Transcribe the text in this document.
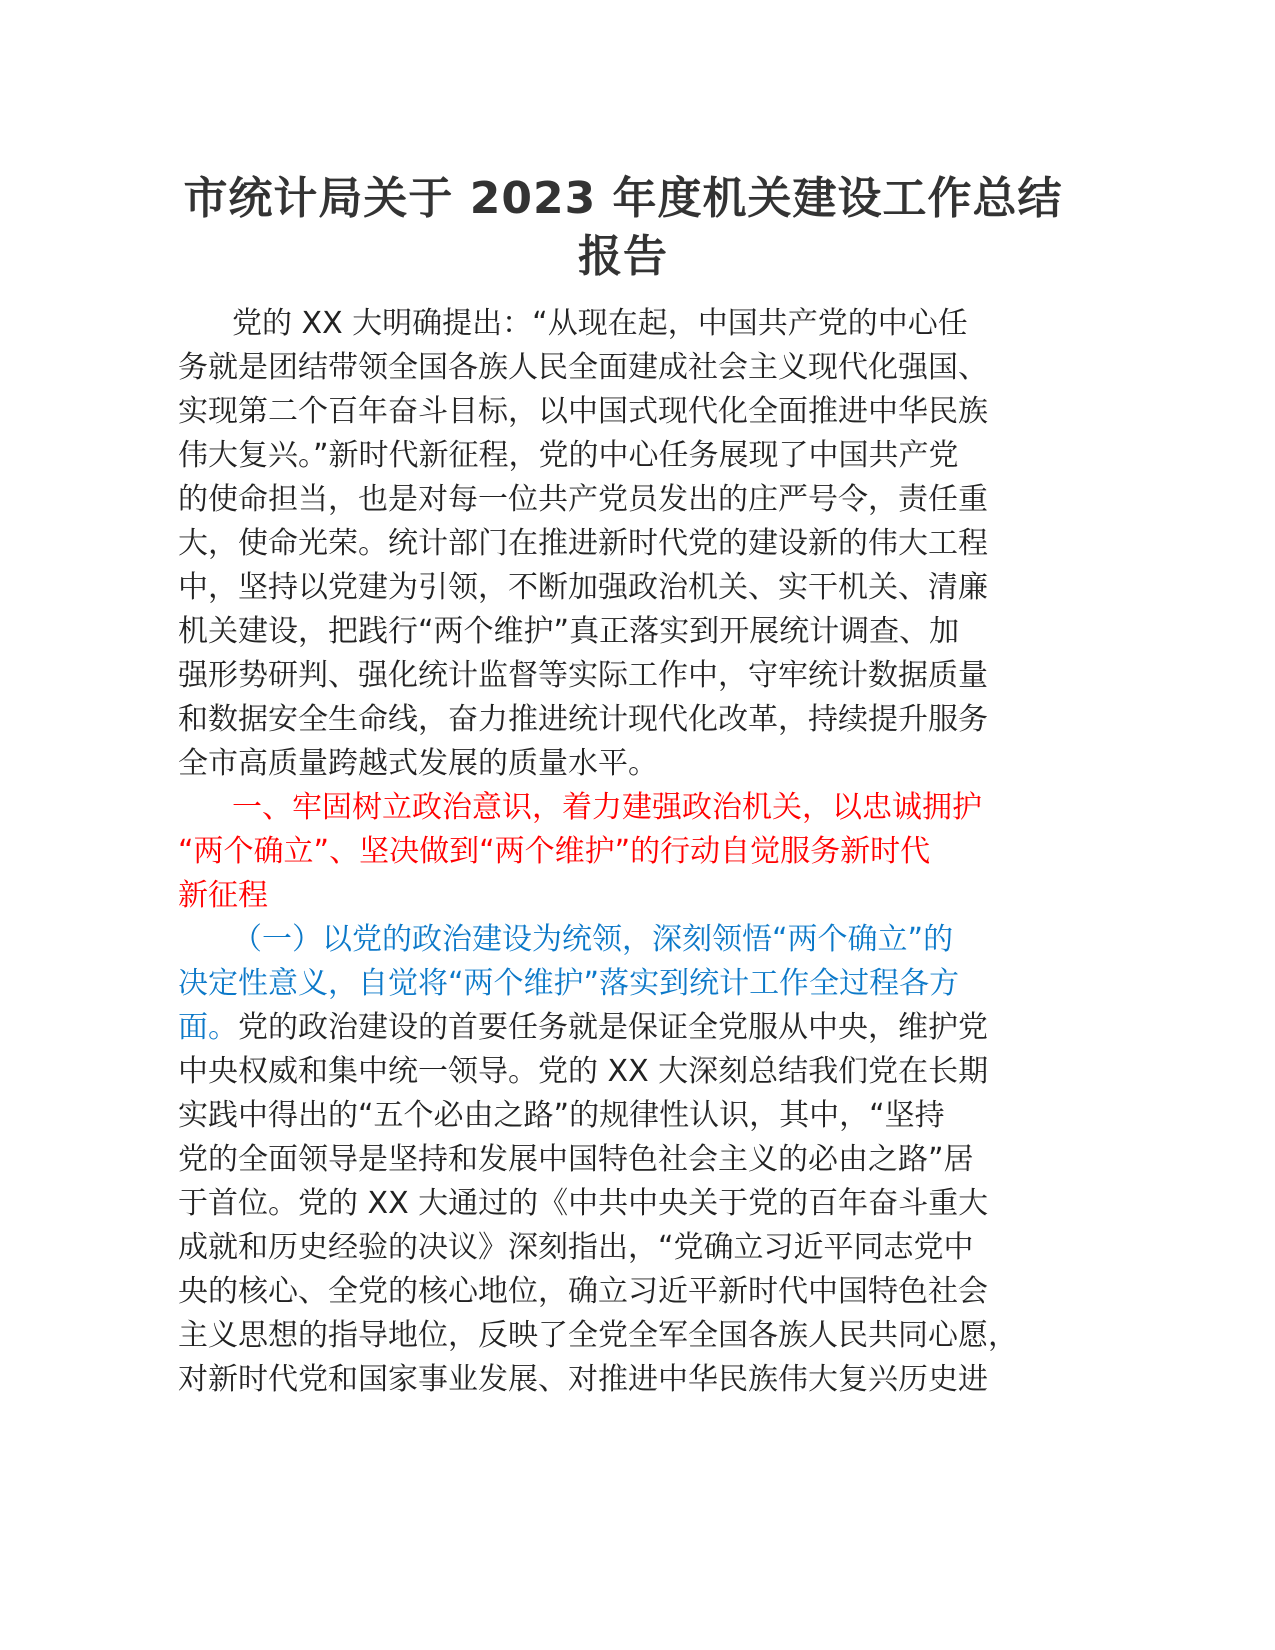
市统计局关于 2023 年度机关建设工作总结
报告
党的 XX 大明确提出：“从现在起，中国共产党的中心任
务就是团结带领全国各族人民全面建成社会主义现代化强国、
实现第二个百年奋斗目标，以中国式现代化全面推进中华民族
伟大复兴。”新时代新征程，党的中心任务展现了中国共产党
的使命担当，也是对每一位共产党员发出的庄严号令，责任重
大，使命光荣。统计部门在推进新时代党的建设新的伟大工程
中，坚持以党建为引领，不断加强政治机关、实干机关、清廉
机关建设，把践行“两个维护”真正落实到开展统计调查、加
强形势研判、强化统计监督等实际工作中，守牢统计数据质量
和数据安全生命线，奋力推进统计现代化改革，持续提升服务
全市高质量跨越式发展的质量水平。
一、牢固树立政治意识，着力建强政治机关，以忠诚拥护
“两个确立”、坚决做到“两个维护”的行动自觉服务新时代
新征程
（一）以党的政治建设为统领，深刻领悟“两个确立”的
决定性意义，自觉将“两个维护”落实到统计工作全过程各方
面。党的政治建设的首要任务就是保证全党服从中央，维护党
中央权威和集中统一领导。党的 XX 大深刻总结我们党在长期
实践中得出的“五个必由之路”的规律性认识，其中，“坚持
党的全面领导是坚持和发展中国特色社会主义的必由之路”居
于首位。党的 XX 大通过的《中共中央关于党的百年奋斗重大
成就和历史经验的决议》深刻指出，“党确立习近平同志党中
央的核心、全党的核心地位，确立习近平新时代中国特色社会
主义思想的指导地位，反映了全党全军全国各族人民共同心愿，
对新时代党和国家事业发展、对推进中华民族伟大复兴历史进
